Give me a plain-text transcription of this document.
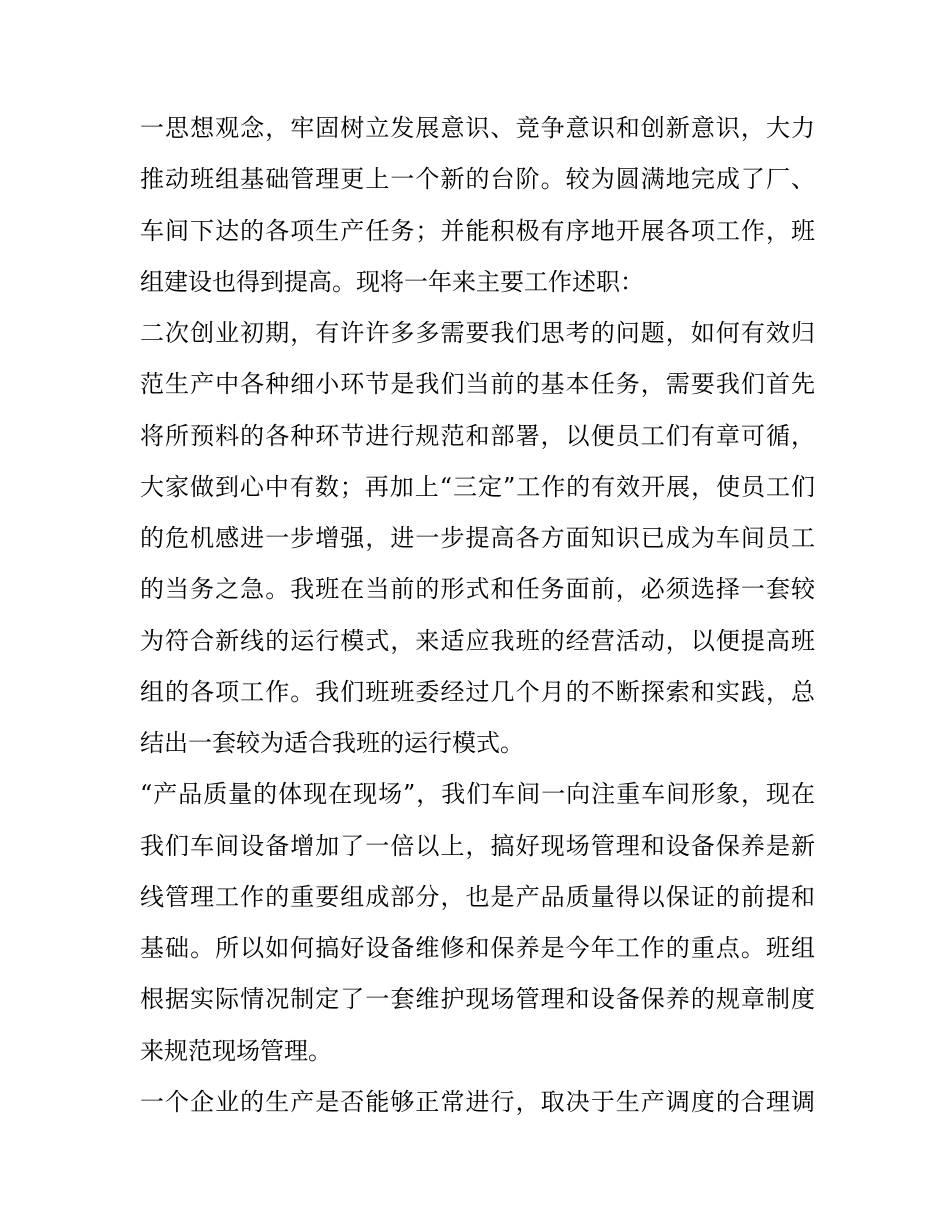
一思想观念，牢固树立发展意识、竞争意识和创新意识，大力
推动班组基础管理更上一个新的台阶。较为圆满地完成了厂、
车间下达的各项生产任务；并能积极有序地开展各项工作，班
组建设也得到提高。现将一年来主要工作述职：
二次创业初期，有许许多多需要我们思考的问题，如何有效归
范生产中各种细小环节是我们当前的基本任务，需要我们首先
将所预料的各种环节进行规范和部署，以便员工们有章可循，
大家做到心中有数；再加上“三定”工作的有效开展，使员工们
的危机感进一步增强，进一步提高各方面知识已成为车间员工
的当务之急。我班在当前的形式和任务面前，必须选择一套较
为符合新线的运行模式，来适应我班的经营活动，以便提高班
组的各项工作。我们班班委经过几个月的不断探索和实践，总
结出一套较为适合我班的运行模式。
“产品质量的体现在现场”，我们车间一向注重车间形象，现在
我们车间设备增加了一倍以上，搞好现场管理和设备保养是新
线管理工作的重要组成部分，也是产品质量得以保证的前提和
基础。所以如何搞好设备维修和保养是今年工作的重点。班组
根据实际情况制定了一套维护现场管理和设备保养的规章制度
来规范现场管理。
一个企业的生产是否能够正常进行，取决于生产调度的合理调
